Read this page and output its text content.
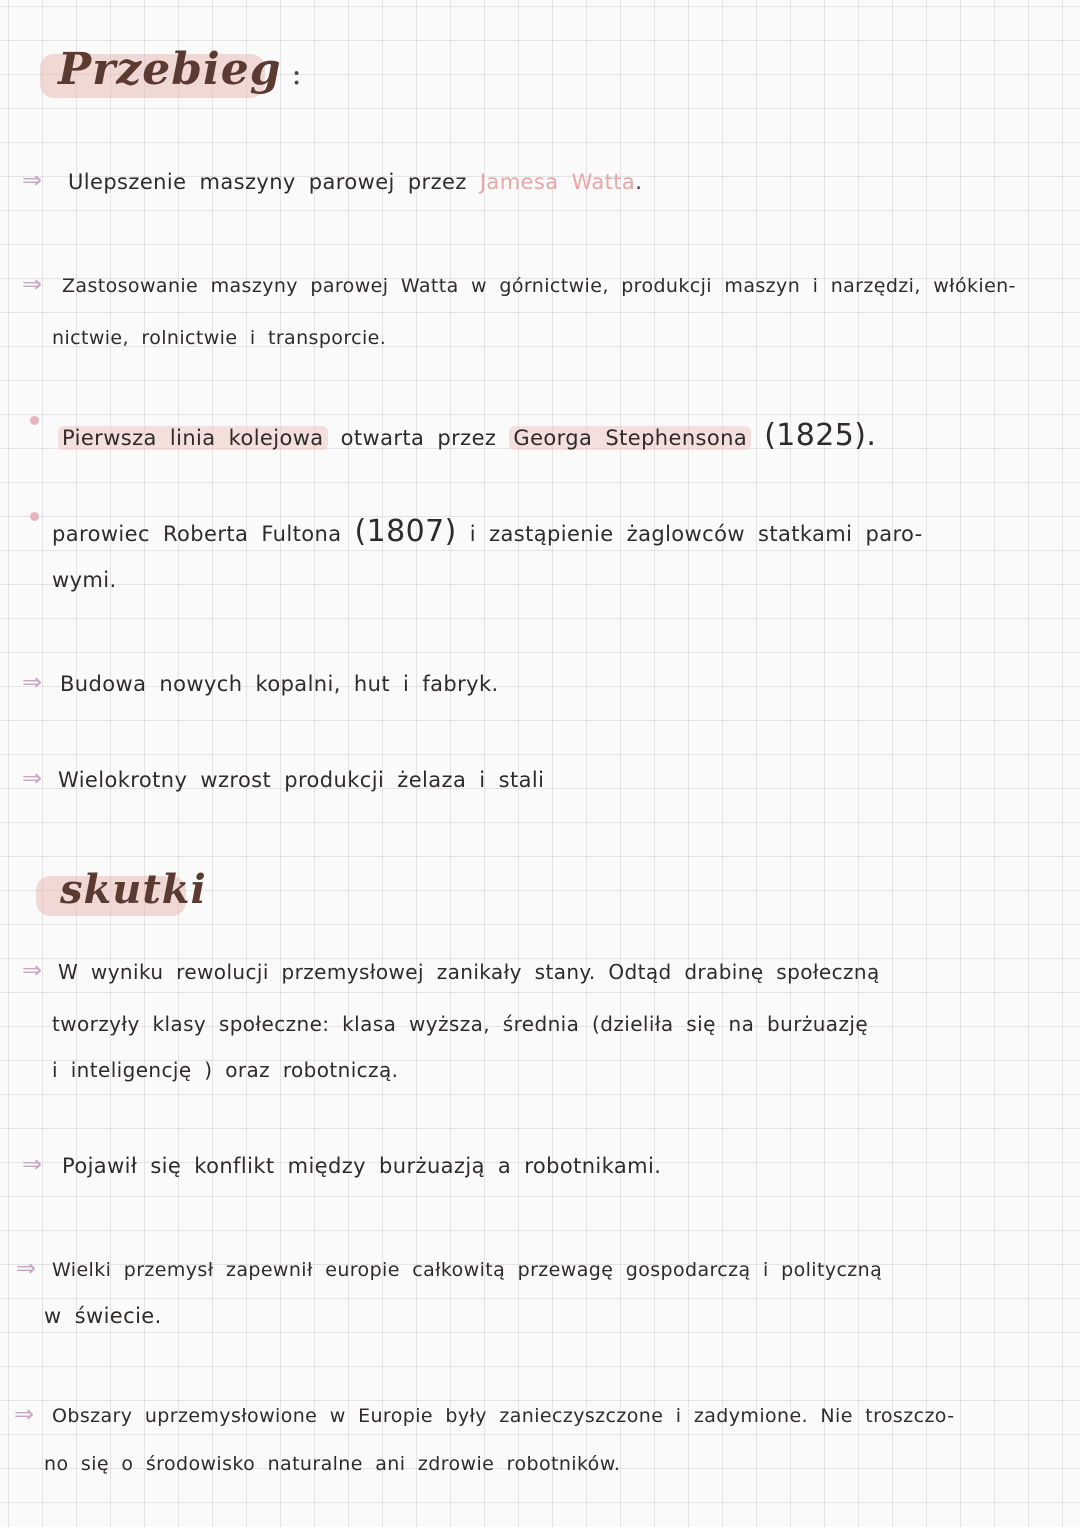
Przebieg :
⇒ Ulepszenie maszyny parowej przez Jamesa Watta.
⇒ Zastosowanie maszyny parowej Watta w górnictwie, produkcji maszyn i narzędzi, włókien-
nictwie, rolnictwie i transporcie.
Pierwsza linia kolejowa otwarta przez Georga Stephensona (1825).
parowiec Roberta Fultona (1807) i zastąpienie żaglowców statkami paro-
wymi.
⇒ Budowa nowych kopalni, hut i fabryk.
⇒ Wielokrotny wzrost produkcji żelaza i stali
skutki
⇒ W wyniku rewolucji przemysłowej zanikały stany. Odtąd drabinę społeczną
tworzyły klasy społeczne: klasa wyższa, średnia (dzieliła się na burżuazję
i inteligencję ) oraz robotniczą.
⇒ Pojawił się konflikt między burżuazją a robotnikami.
⇒ Wielki przemysł zapewnił europie całkowitą przewagę gospodarczą i polityczną
w świecie.
⇒ Obszary uprzemysłowione w Europie były zanieczyszczone i zadymione. Nie troszczo-
no się o środowisko naturalne ani zdrowie robotników.
